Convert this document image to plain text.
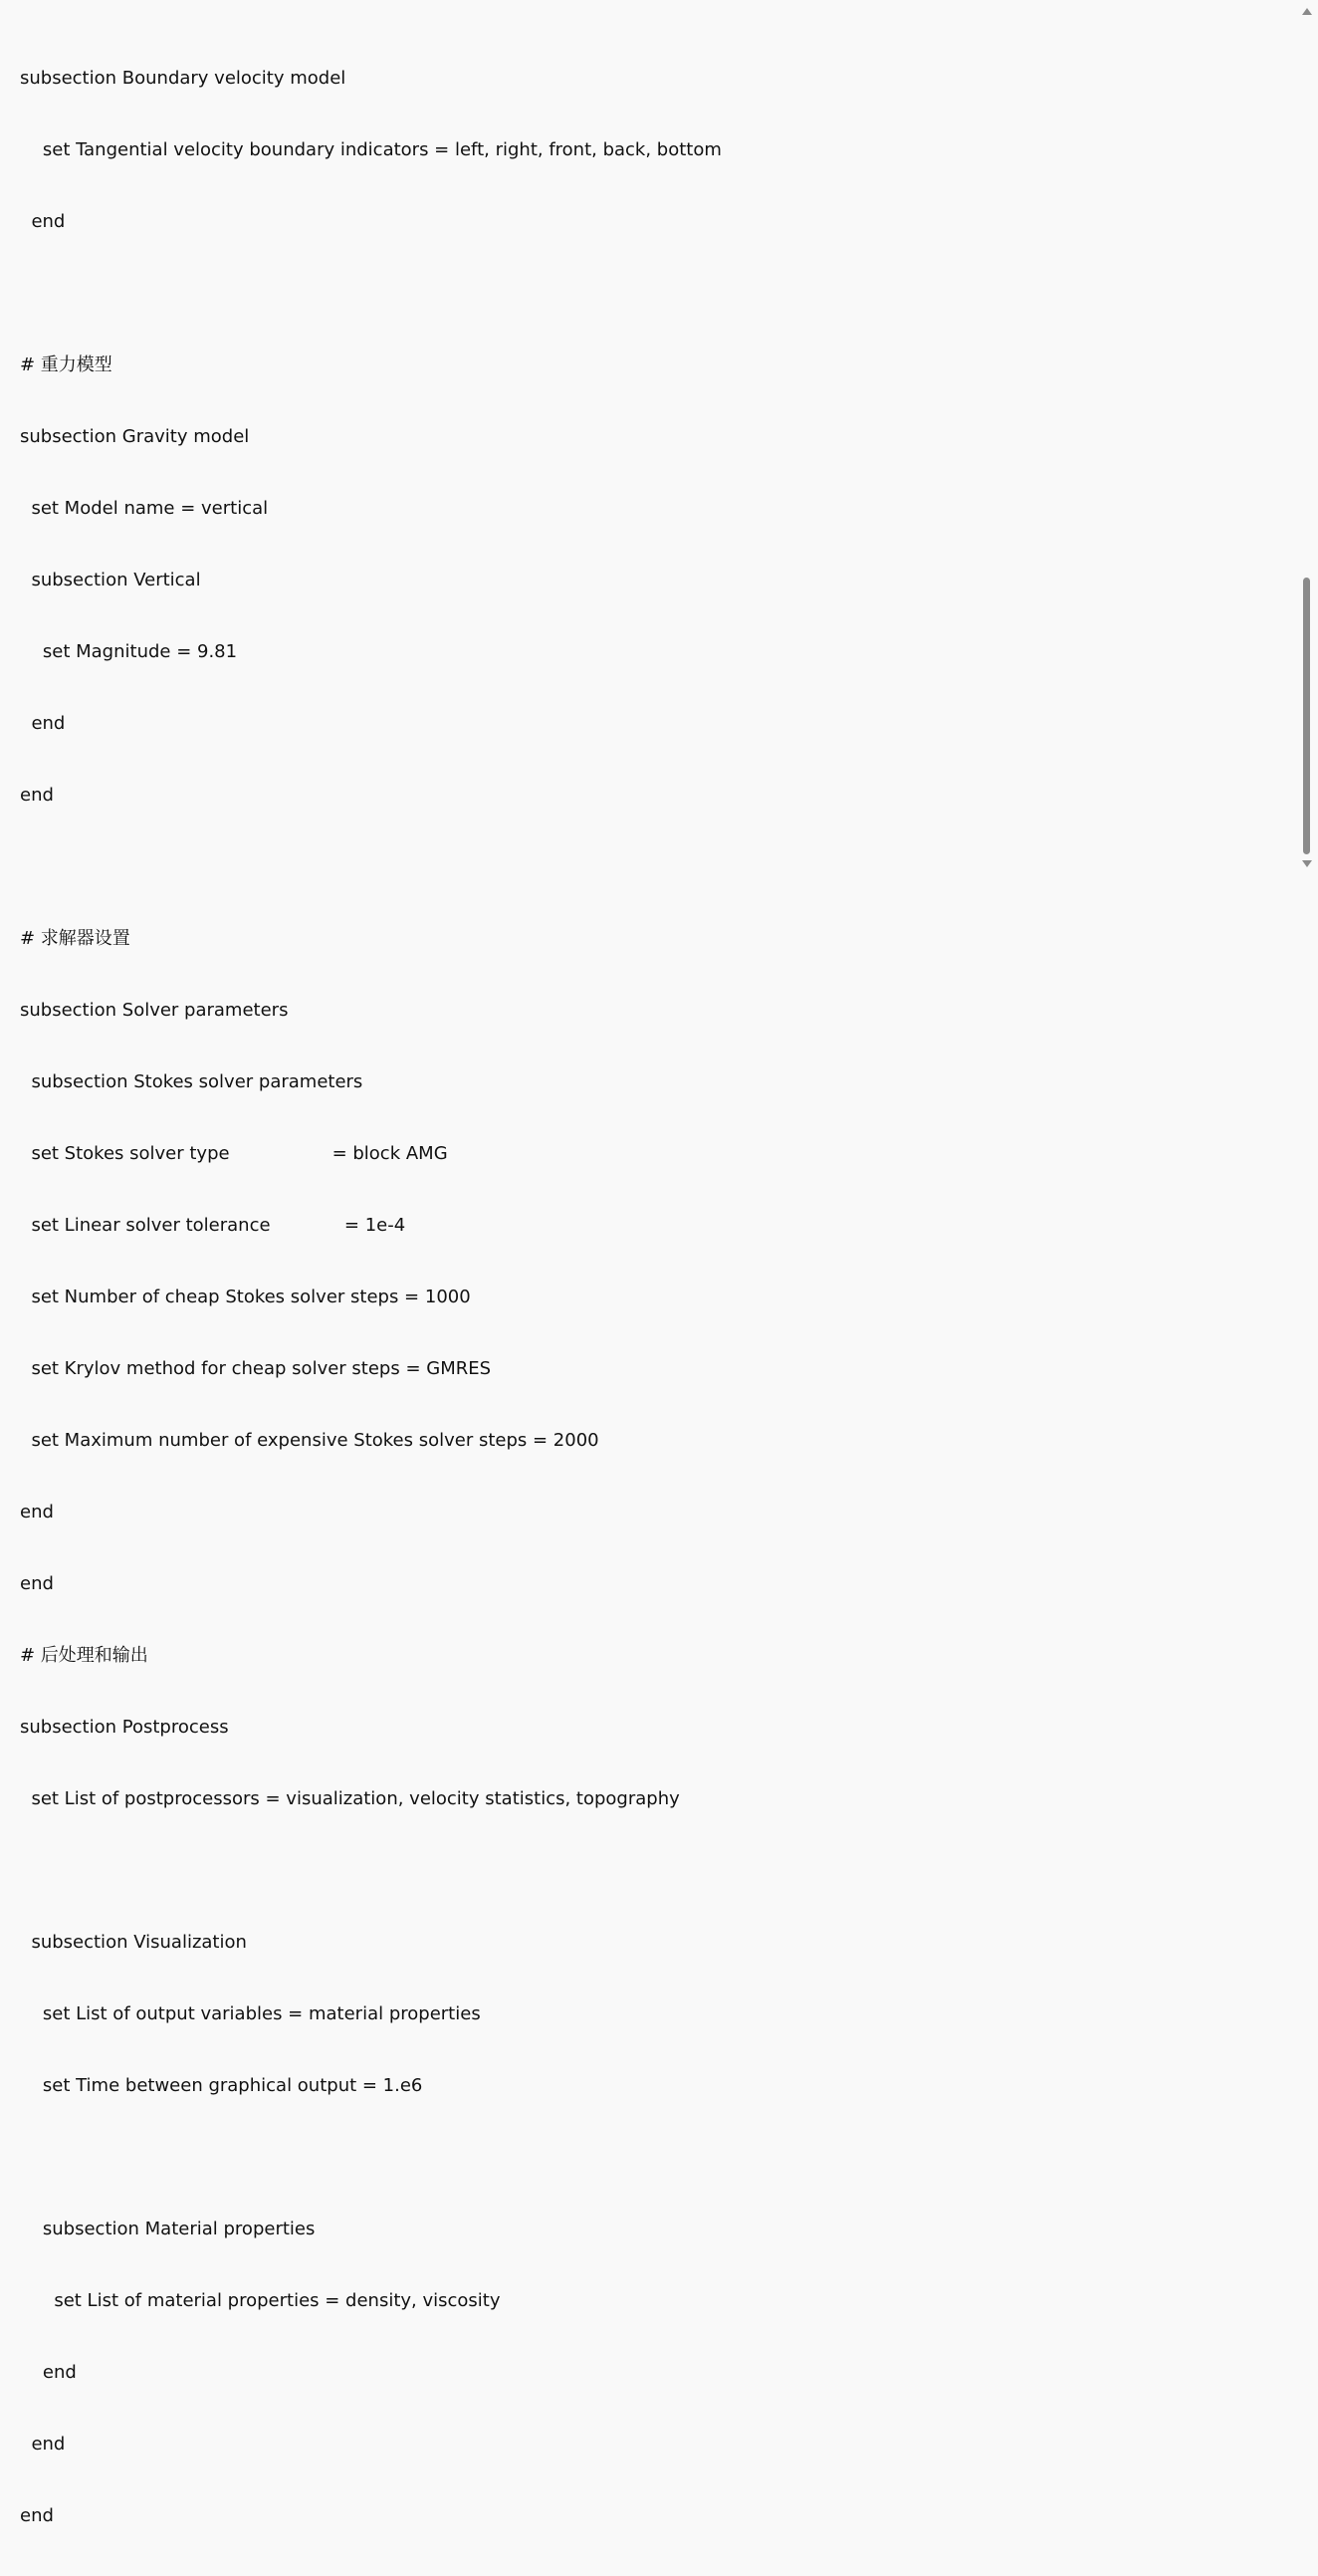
subsection Boundary velocity model

set Tangential velocity boundary indicators = left, right, front, back, bottom

end

# 重力模型

subsection Gravity model

set Model name = vertical

subsection Vertical

set Magnitude = 9.81

end

end

# 求解器设置

subsection Solver parameters

subsection Stokes solver parameters

set Stokes solver type                  = block AMG

set Linear solver tolerance             = 1e-4

set Number of cheap Stokes solver steps = 1000

set Krylov method for cheap solver steps = GMRES

set Maximum number of expensive Stokes solver steps = 2000

end

end

# 后处理和输出

subsection Postprocess

set List of postprocessors = visualization, velocity statistics, topography

subsection Visualization

set List of output variables = material properties

set Time between graphical output = 1.e6

subsection Material properties

set List of material properties = density, viscosity

end

end

end
